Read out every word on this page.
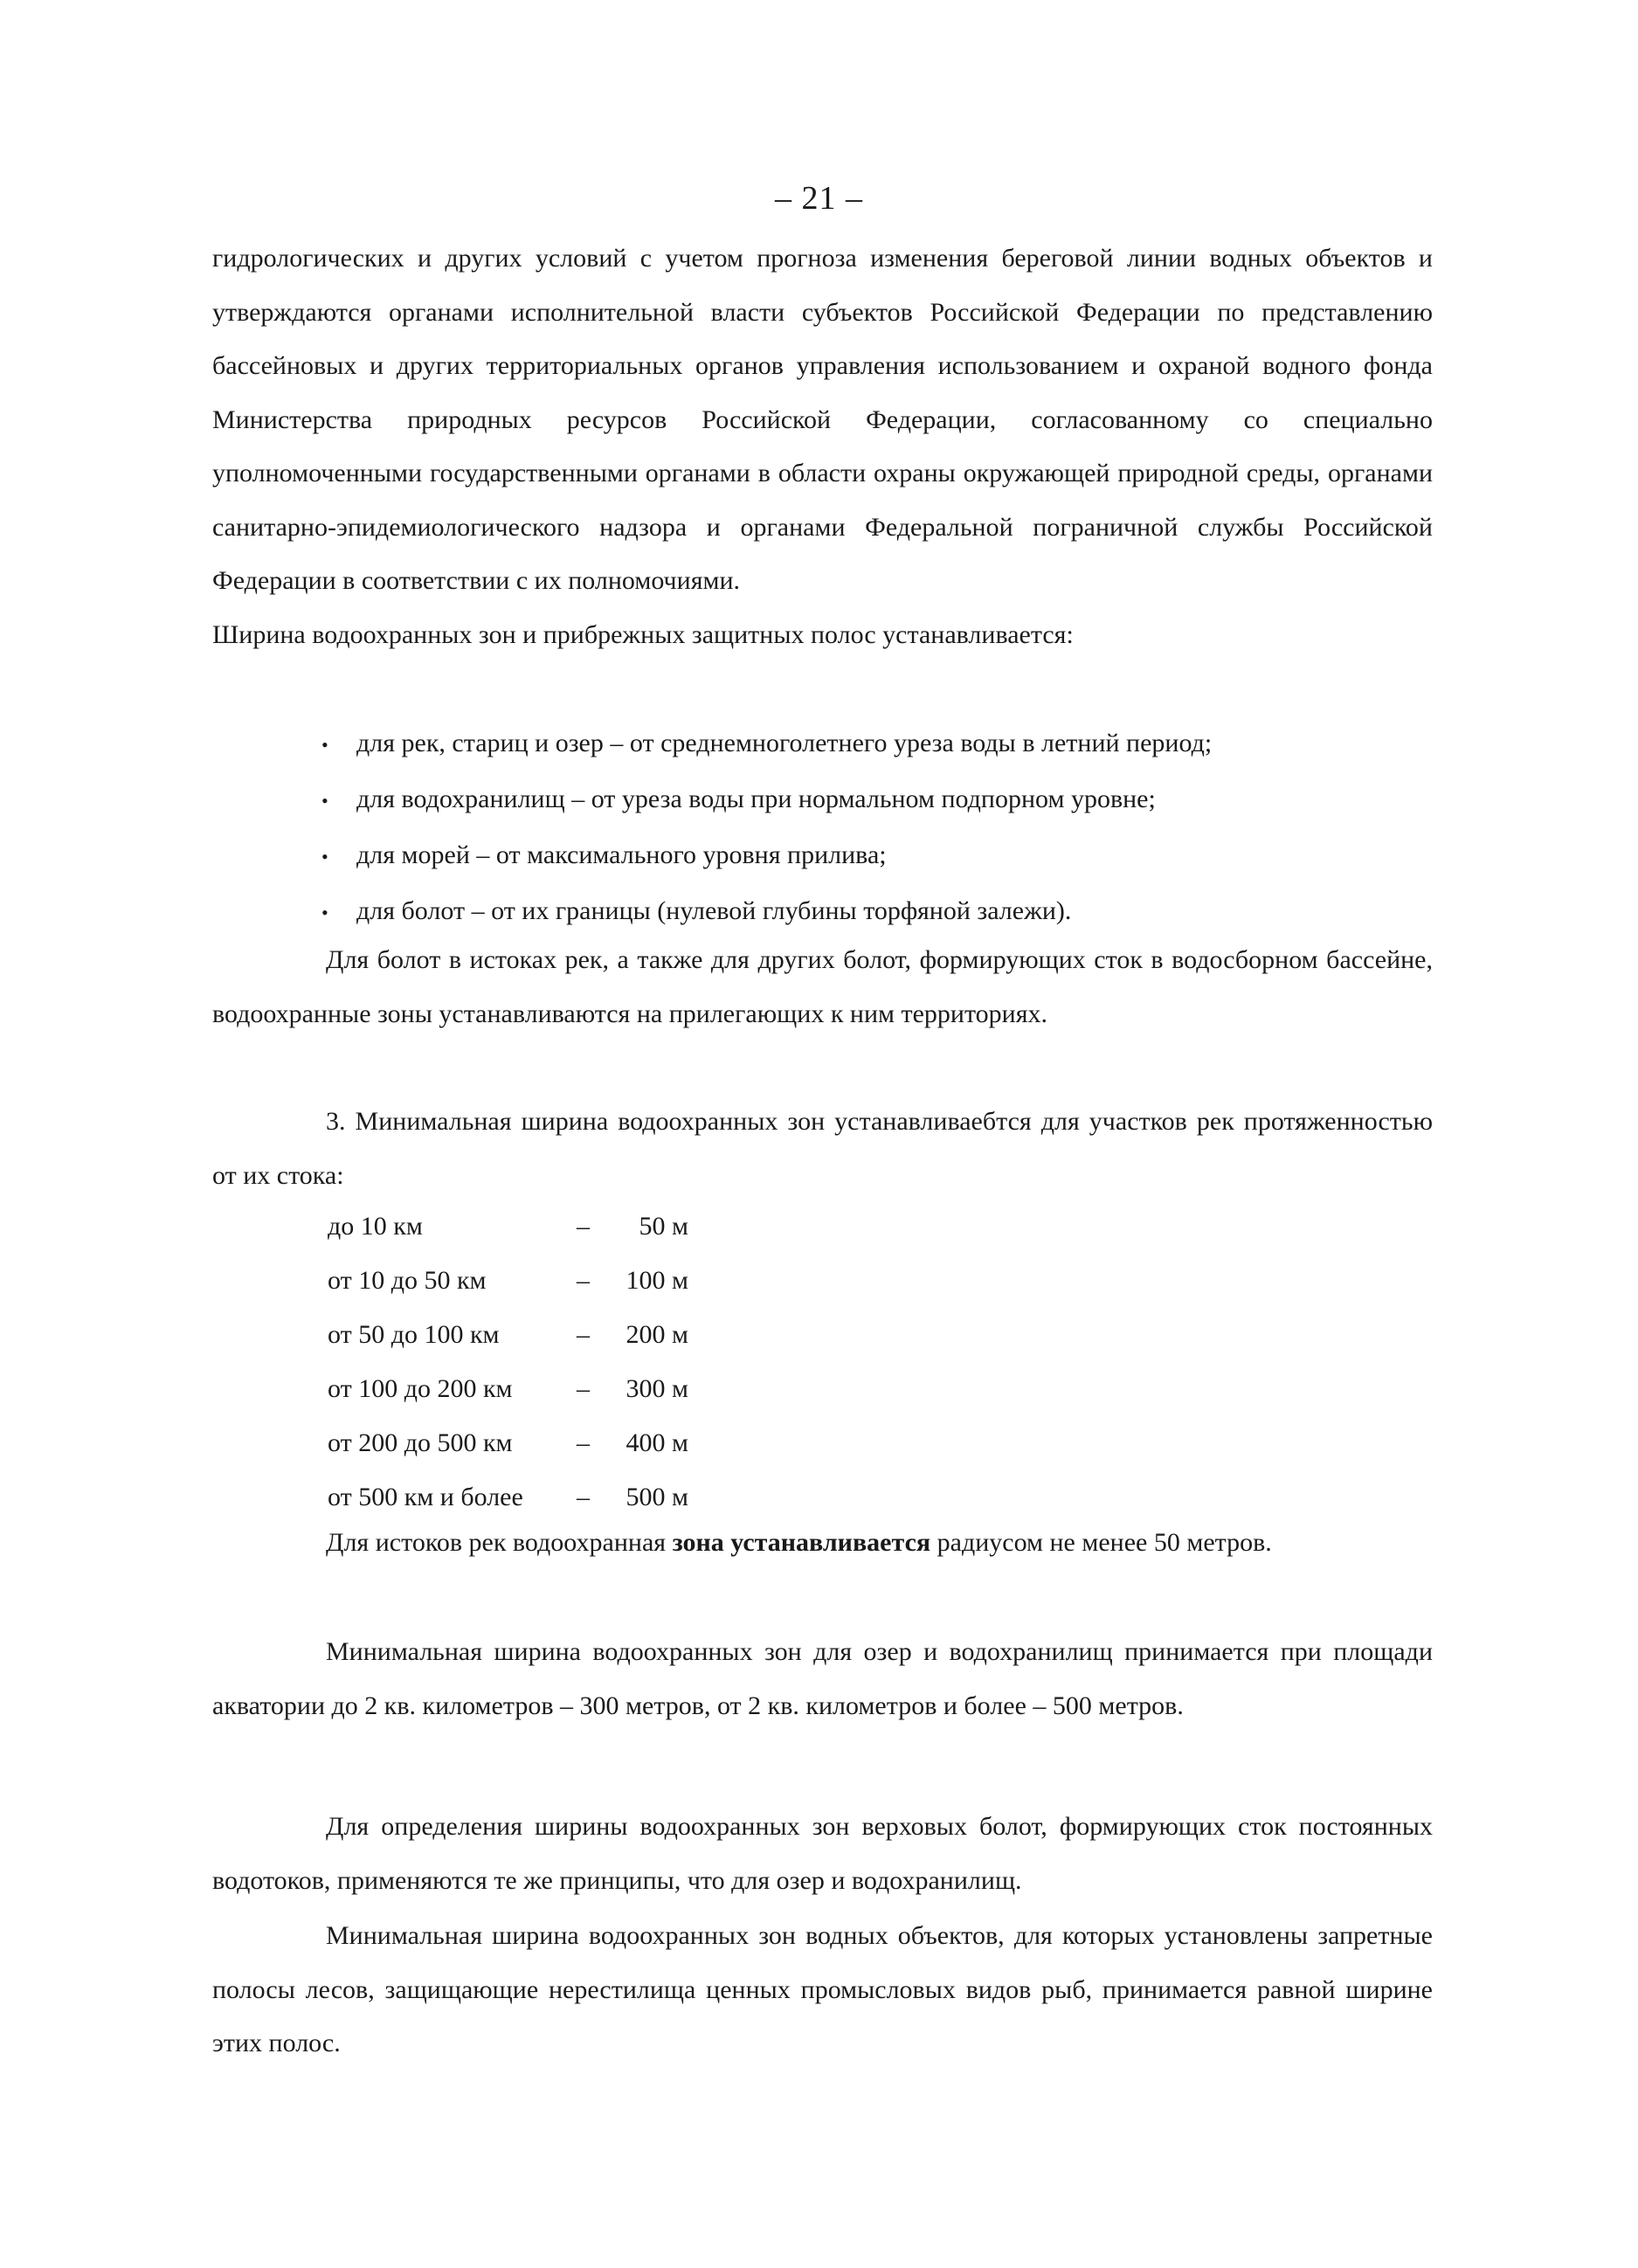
– 21 –

гидрологических и других условий с учетом прогноза изменения береговой линии водных объектов и утверждаются органами исполнительной власти субъектов Российской Федерации по представлению бассейновых и других территориальных органов управления использованием и охраной водного фонда Министерства природных ресурсов Российской Федерации, согласованному со специально уполномоченными государственными органами в области охраны окружающей природной среды, органами санитарно-эпидемиологического надзора и органами Федеральной пограничной службы Российской Федерации в соответствии с их полномочиями.

Ширина водоохранных зон и прибрежных защитных полос устанавливается:

•	для рек, стариц и озер – от среднемноголетнего уреза воды в летний период;
•	для водохранилищ – от уреза воды при нормальном подпорном уровне;
•	для морей – от максимального уровня прилива;
•	для болот – от их границы (нулевой глубины торфяной залежи).

Для болот в истоках рек, а также для других болот, формирующих сток в водосборном бассейне, водоохранные зоны устанавливаются на прилегающих к ним территориях.

3. Минимальная ширина водоохранных зон устанавливаебтся для участков рек протяженностью от их стока:

до 10 км	–	50 м
от 10 до 50 км	–	100 м
от 50 до 100 км	–	200 м
от 100 до 200 км	–	300 м
от 200 до 500 км	–	400 м
от 500 км и более	–	500 м

Для истоков рек водоохранная зона устанавливается радиусом не менее 50 метров.

Минимальная ширина водоохранных зон для озер и водохранилищ принимается при площади акватории до 2 кв. километров – 300 метров, от 2 кв. километров и более – 500 метров.

Для определения ширины водоохранных зон верховых болот, формирующих сток постоянных водотоков, применяются те же принципы, что для озер и водохранилищ.

Минимальная ширина водоохранных зон водных объектов, для которых установлены запретные полосы лесов, защищающие нерестилища ценных промысловых видов рыб, принимается равной ширине этих полос.
